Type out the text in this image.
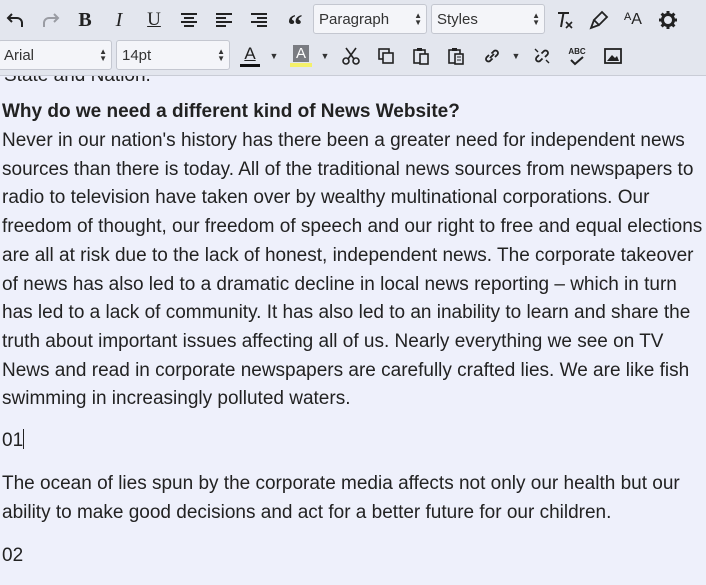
B I U	“ Paragraph	▲
▼ Styles	▲
▼	ᴬA
Arial	▲
▼ 14pt	▲
▼ A ▼ A	▼	▼	ABC

Why do we need a different kind of News Website?

Never in our nation's history has there been a greater need for independent news sources than there is today. All of the traditional news sources from newspapers to radio to television have taken over by wealthy multinational corporations. Our freedom of thought, our freedom of speech and our right to free and equal elections are all at risk due to the lack of honest, independent news. The corporate takeover of news has also led to a dramatic decline in local news reporting – which in turn has led to a lack of community. It has also led to an inability to learn and share the truth about important issues affecting all of us. Nearly everything we see on TV News and read in corporate newspapers are carefully crafted lies. We are like fish swimming in increasingly polluted waters.

01

The ocean of lies spun by the corporate media affects not only our health but our ability to make good decisions and act for a better future for our children.

02
